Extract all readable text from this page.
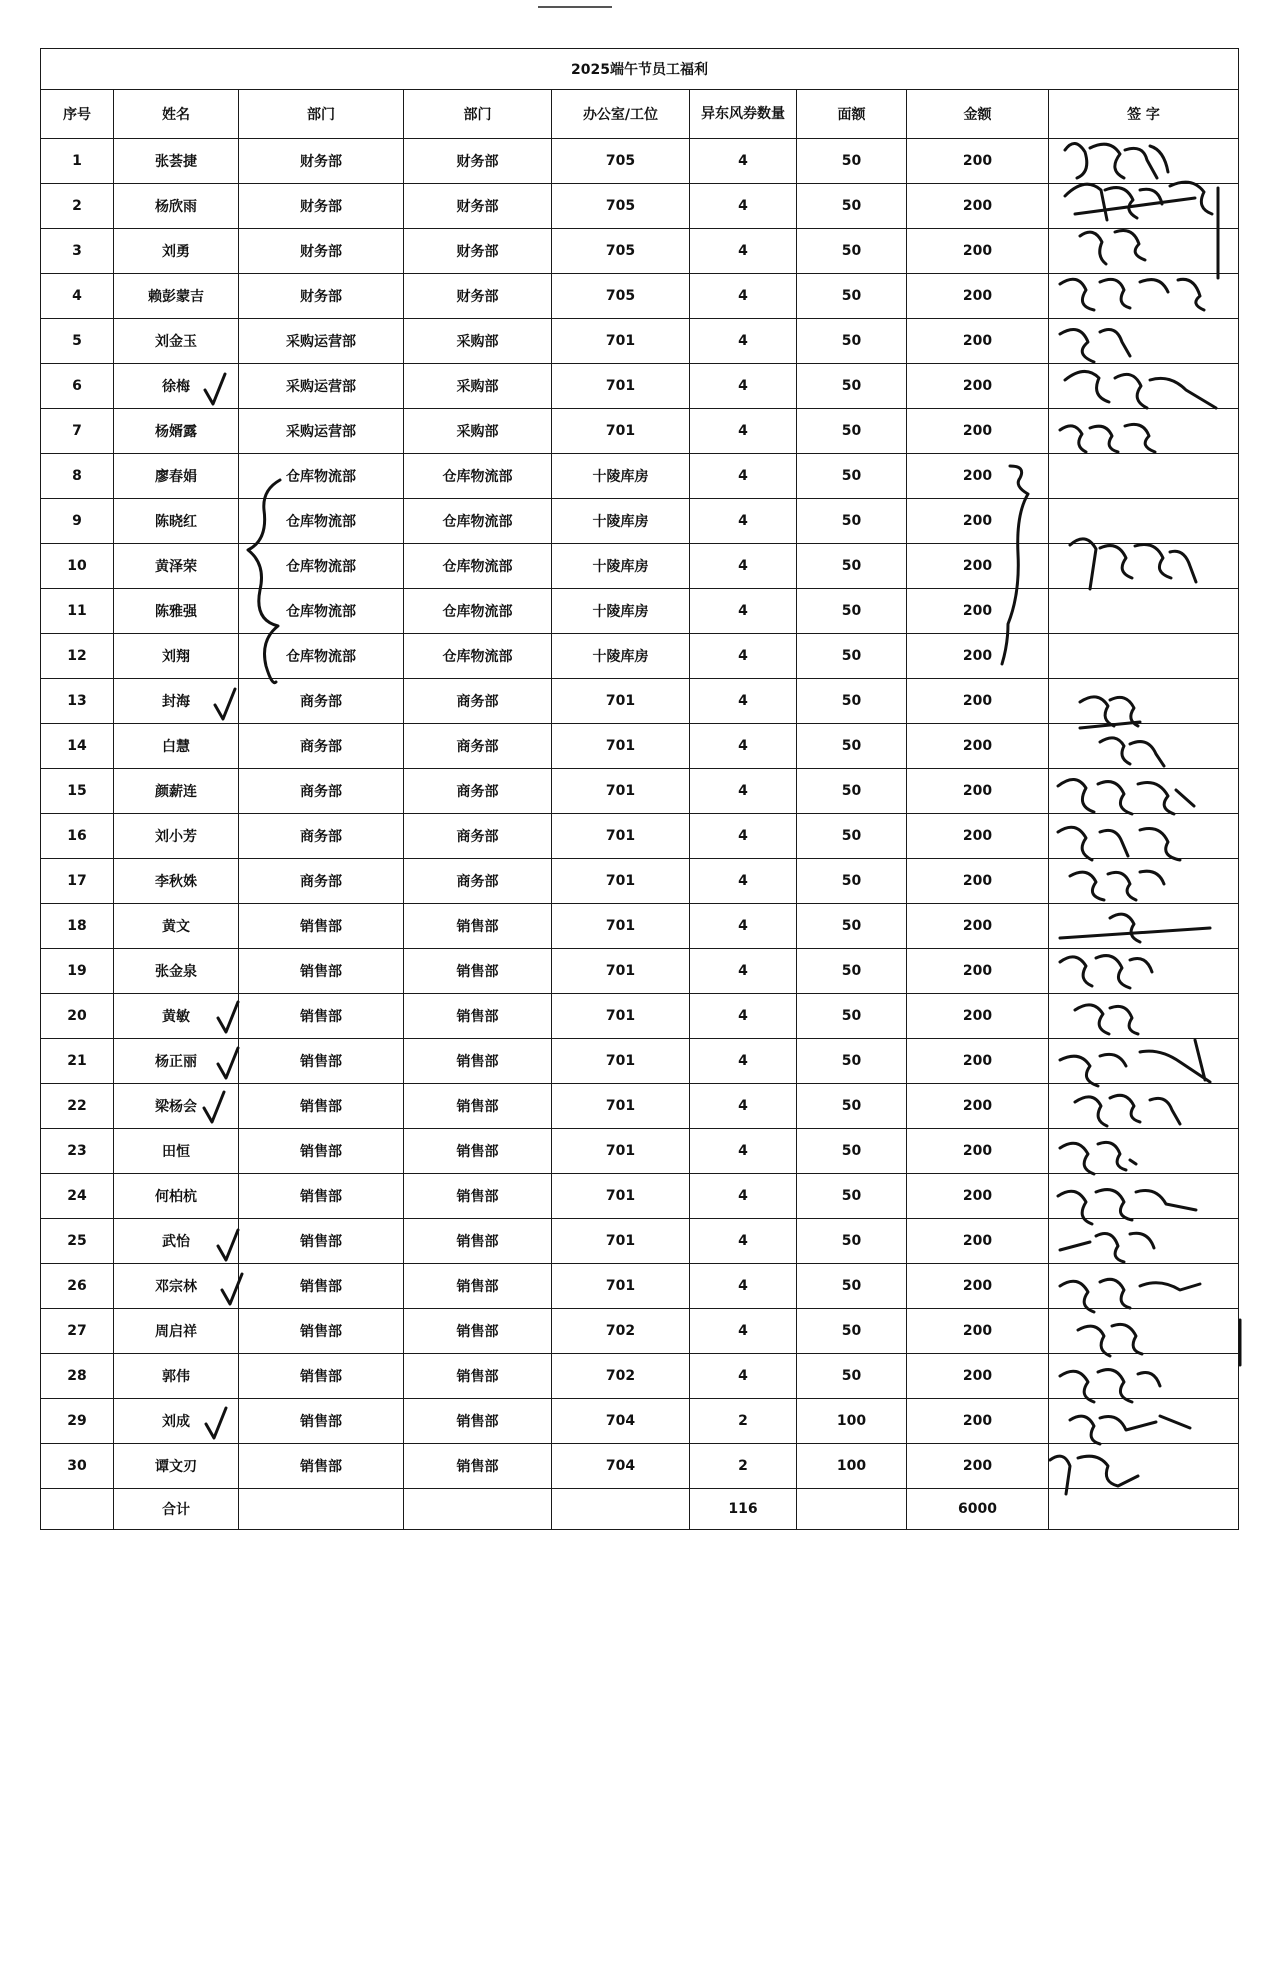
2025端午节员工福利								
序号	姓名	部门	部门	办公室/工位	异东风券数量	面额	金额	签 字
1	张荟捷	财务部	财务部	705	4	50	200	
2	杨欣雨	财务部	财务部	705	4	50	200	
3	刘勇	财务部	财务部	705	4	50	200	
4	赖彭蒙吉	财务部	财务部	705	4	50	200	
5	刘金玉	采购运营部	采购部	701	4	50	200	
6	徐梅	采购运营部	采购部	701	4	50	200	
7	杨婿露	采购运营部	采购部	701	4	50	200	
8	廖春娟	仓库物流部	仓库物流部	十陵库房	4	50	200	
9	陈晓红	仓库物流部	仓库物流部	十陵库房	4	50	200	
10	黄泽荣	仓库物流部	仓库物流部	十陵库房	4	50	200	
11	陈雅强	仓库物流部	仓库物流部	十陵库房	4	50	200	
12	刘翔	仓库物流部	仓库物流部	十陵库房	4	50	200	
13	封海	商务部	商务部	701	4	50	200	
14	白慧	商务部	商务部	701	4	50	200	
15	颜薪连	商务部	商务部	701	4	50	200	
16	刘小芳	商务部	商务部	701	4	50	200	
17	李秋姝	商务部	商务部	701	4	50	200	
18	黄文	销售部	销售部	701	4	50	200	
19	张金泉	销售部	销售部	701	4	50	200	
20	黄敏	销售部	销售部	701	4	50	200	
21	杨正丽	销售部	销售部	701	4	50	200	
22	梁杨会	销售部	销售部	701	4	50	200	
23	田恒	销售部	销售部	701	4	50	200	
24	何柏杭	销售部	销售部	701	4	50	200	
25	武怡	销售部	销售部	701	4	50	200	
26	邓宗林	销售部	销售部	701	4	50	200	
27	周启祥	销售部	销售部	702	4	50	200	
28	郭伟	销售部	销售部	702	4	50	200	
29	刘成	销售部	销售部	704	2	100	200	
30	谭文刃	销售部	销售部	704	2	100	200	
	合计				116		6000	
